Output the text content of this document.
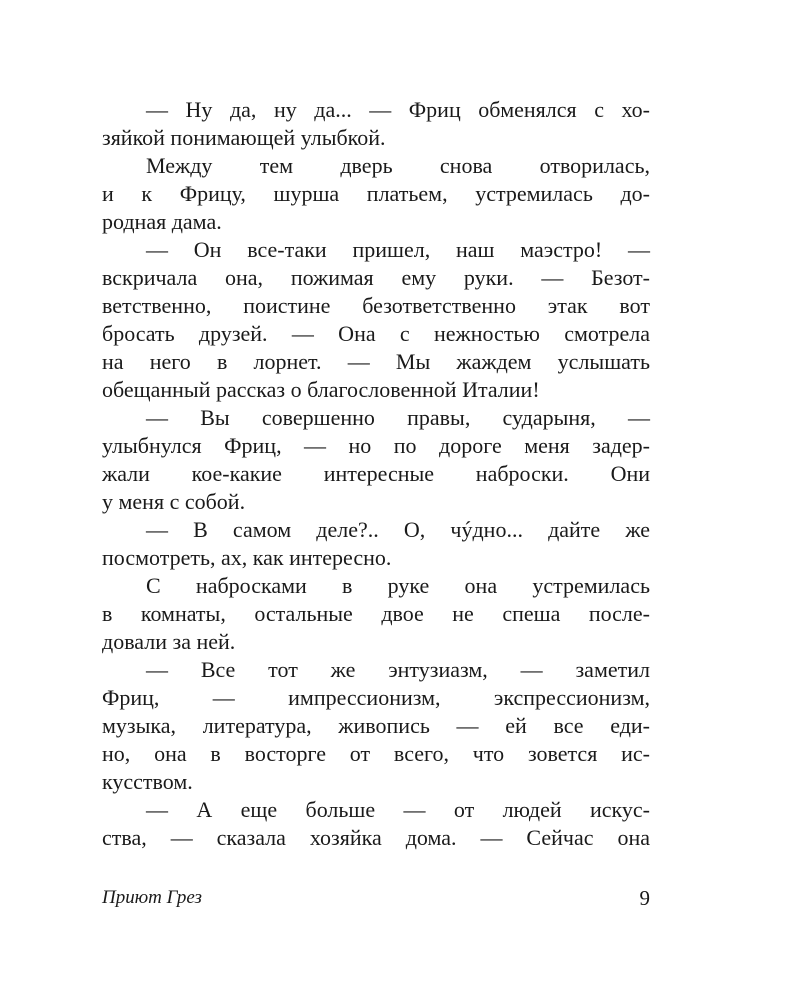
— Ну да, ну да... — Фриц обменялся с хо-
зяйкой понимающей улыбкой.
Между тем дверь снова отворилась,
и к Фрицу, шурша платьем, устремилась до-
родная дама.
— Он все-таки пришел, наш маэстро! —
вскричала она, пожимая ему руки. — Безот-
ветственно, поистине безответственно этак вот
бросать друзей. — Она с нежностью смотрела
на него в лорнет. — Мы жаждем услышать
обещанный рассказ о благословенной Италии!
— Вы совершенно правы, сударыня, —
улыбнулся Фриц, — но по дороге меня задер-
жали кое-какие интересные наброски. Они
у меня с собой.
— В самом деле?.. О, чýдно... дайте же
посмотреть, ах, как интересно.
С набросками в руке она устремилась
в комнаты, остальные двое не спеша после-
довали за ней.
— Все тот же энтузиазм, — заметил
Фриц, — импрессионизм, экспрессионизм,
музыка, литература, живопись — ей все еди-
но, она в восторге от всего, что зовется ис-
кусством.
— А еще больше — от людей искус-
ства, — сказала хозяйка дома. — Сейчас она
Приют Грез	9
